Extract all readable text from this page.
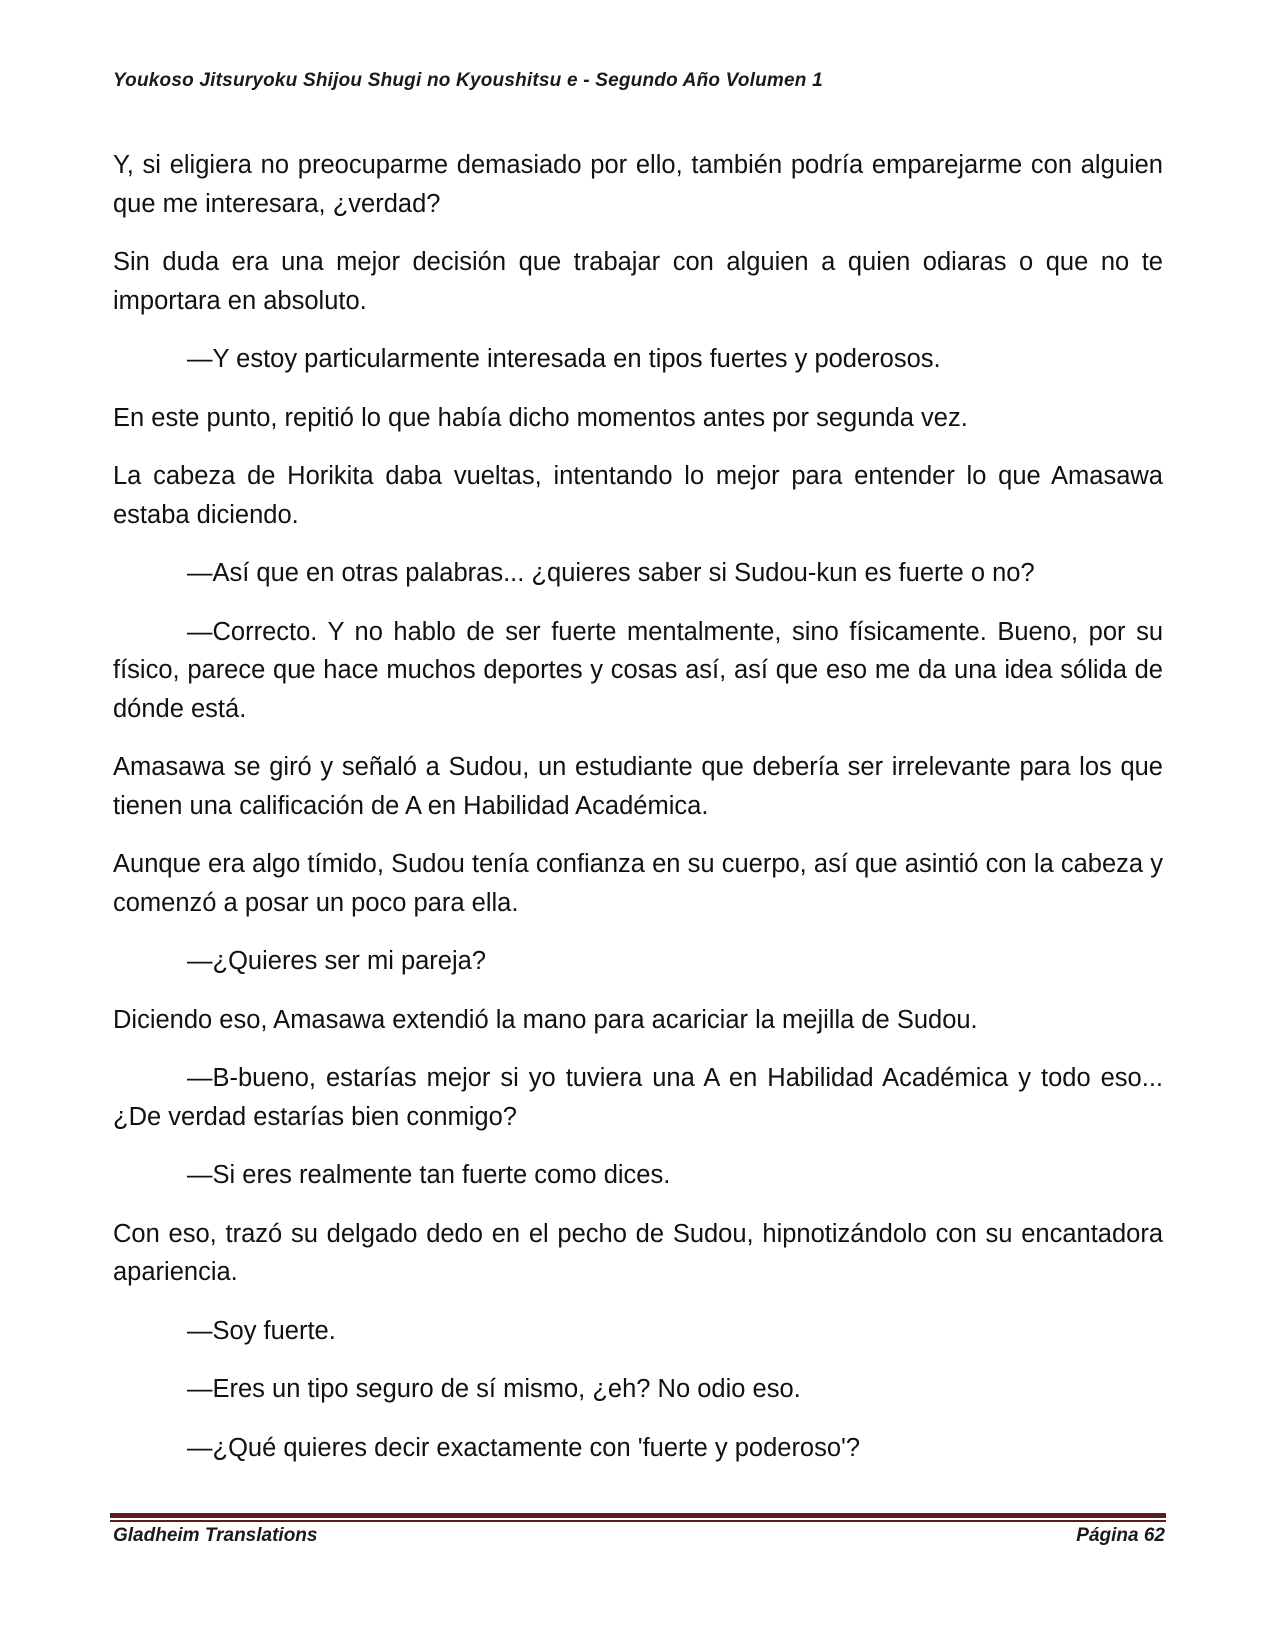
Youkoso Jitsuryoku Shijou Shugi no Kyoushitsu e - Segundo Año Volumen 1

Y, si eligiera no preocuparme demasiado por ello, también podría emparejarme con alguien que me interesara, ¿verdad?

Sin duda era una mejor decisión que trabajar con alguien a quien odiaras o que no te importara en absoluto.

—Y estoy particularmente interesada en tipos fuertes y poderosos.

En este punto, repitió lo que había dicho momentos antes por segunda vez.

La cabeza de Horikita daba vueltas, intentando lo mejor para entender lo que Amasawa estaba diciendo.

—Así que en otras palabras... ¿quieres saber si Sudou-kun es fuerte o no?

—Correcto. Y no hablo de ser fuerte mentalmente, sino físicamente. Bueno, por su físico, parece que hace muchos deportes y cosas así, así que eso me da una idea sólida de dónde está.

Amasawa se giró y señaló a Sudou, un estudiante que debería ser irrelevante para los que tienen una calificación de A en Habilidad Académica.

Aunque era algo tímido, Sudou tenía confianza en su cuerpo, así que asintió con la cabeza y comenzó a posar un poco para ella.

—¿Quieres ser mi pareja?

Diciendo eso, Amasawa extendió la mano para acariciar la mejilla de Sudou.

—B-bueno, estarías mejor si yo tuviera una A en Habilidad Académica y todo eso... ¿De verdad estarías bien conmigo?

—Si eres realmente tan fuerte como dices.

Con eso, trazó su delgado dedo en el pecho de Sudou, hipnotizándolo con su encantadora apariencia.

—Soy fuerte.

—Eres un tipo seguro de sí mismo, ¿eh? No odio eso.

—¿Qué quieres decir exactamente con 'fuerte y poderoso'?

Gladheim Translations	Página 62
